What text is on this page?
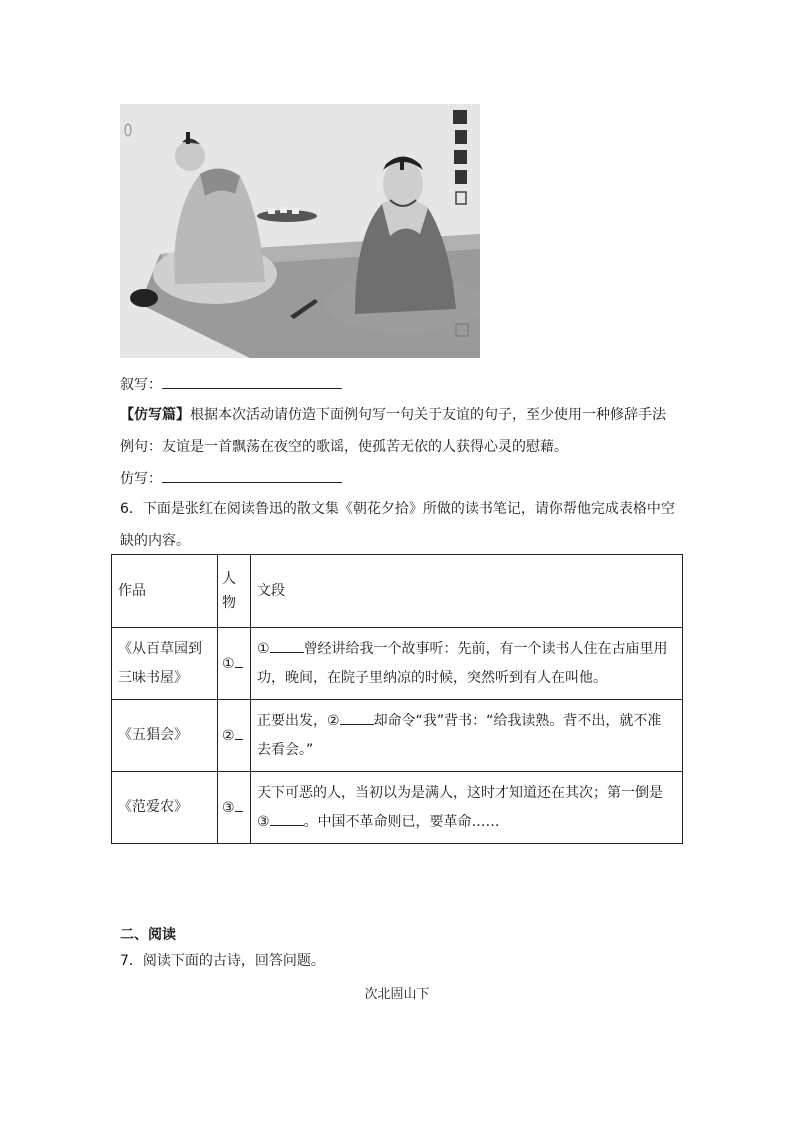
叙写：
【仿写篇】根据本次活动请仿造下面例句写一句关于友谊的句子，至少使用一种修辞手法
例句：友谊是一首飘荡在夜空的歌谣，使孤苦无依的人获得心灵的慰藉。
仿写：
6．下面是张红在阅读鲁迅的散文集《朝花夕拾》所做的读书笔记，请你帮他完成表格中空
缺的内容。
作品	人物	文段
《从百草园到三味书屋》	①	① 曾经讲给我一个故事听：先前，有一个读书人住在古庙里用
功，晚间，在院子里纳凉的时候，突然听到有人在叫他。

《五猖会》	②	正要出发，② 却命令“我”背书：“给我读熟。背不出，就不准
去看会。”

《范爱农》	③	天下可恶的人，当初以为是满人，这时才知道还在其次；第一倒是
③ 。中国不革命则已，要革命……
二、阅读
7．阅读下面的古诗，回答问题。
次北固山下
